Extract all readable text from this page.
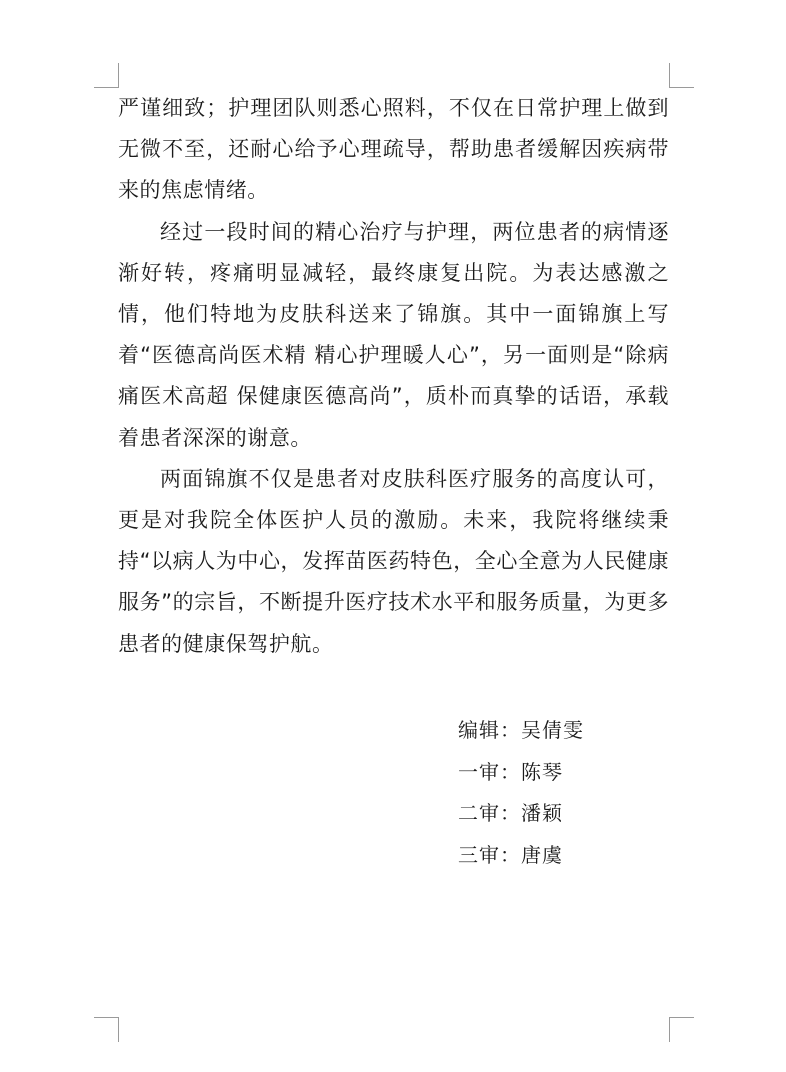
严谨细致；护理团队则悉心照料，不仅在日常护理上做到无微不至，还耐心给予心理疏导，帮助患者缓解因疾病带来的焦虑情绪。

经过一段时间的精心治疗与护理，两位患者的病情逐渐好转，疼痛明显减轻，最终康复出院。为表达感激之情，他们特地为皮肤科送来了锦旗。其中一面锦旗上写着“医德高尚医术精 精心护理暖人心”，另一面则是“除病痛医术高超 保健康医德高尚”，质朴而真挚的话语，承载着患者深深的谢意。

两面锦旗不仅是患者对皮肤科医疗服务的高度认可，更是对我院全体医护人员的激励。未来，我院将继续秉持“以病人为中心，发挥苗医药特色，全心全意为人民健康服务”的宗旨，不断提升医疗技术水平和服务质量，为更多患者的健康保驾护航。

编辑：吴倩雯
一审：陈琴
二审：潘颖
三审：唐虞
